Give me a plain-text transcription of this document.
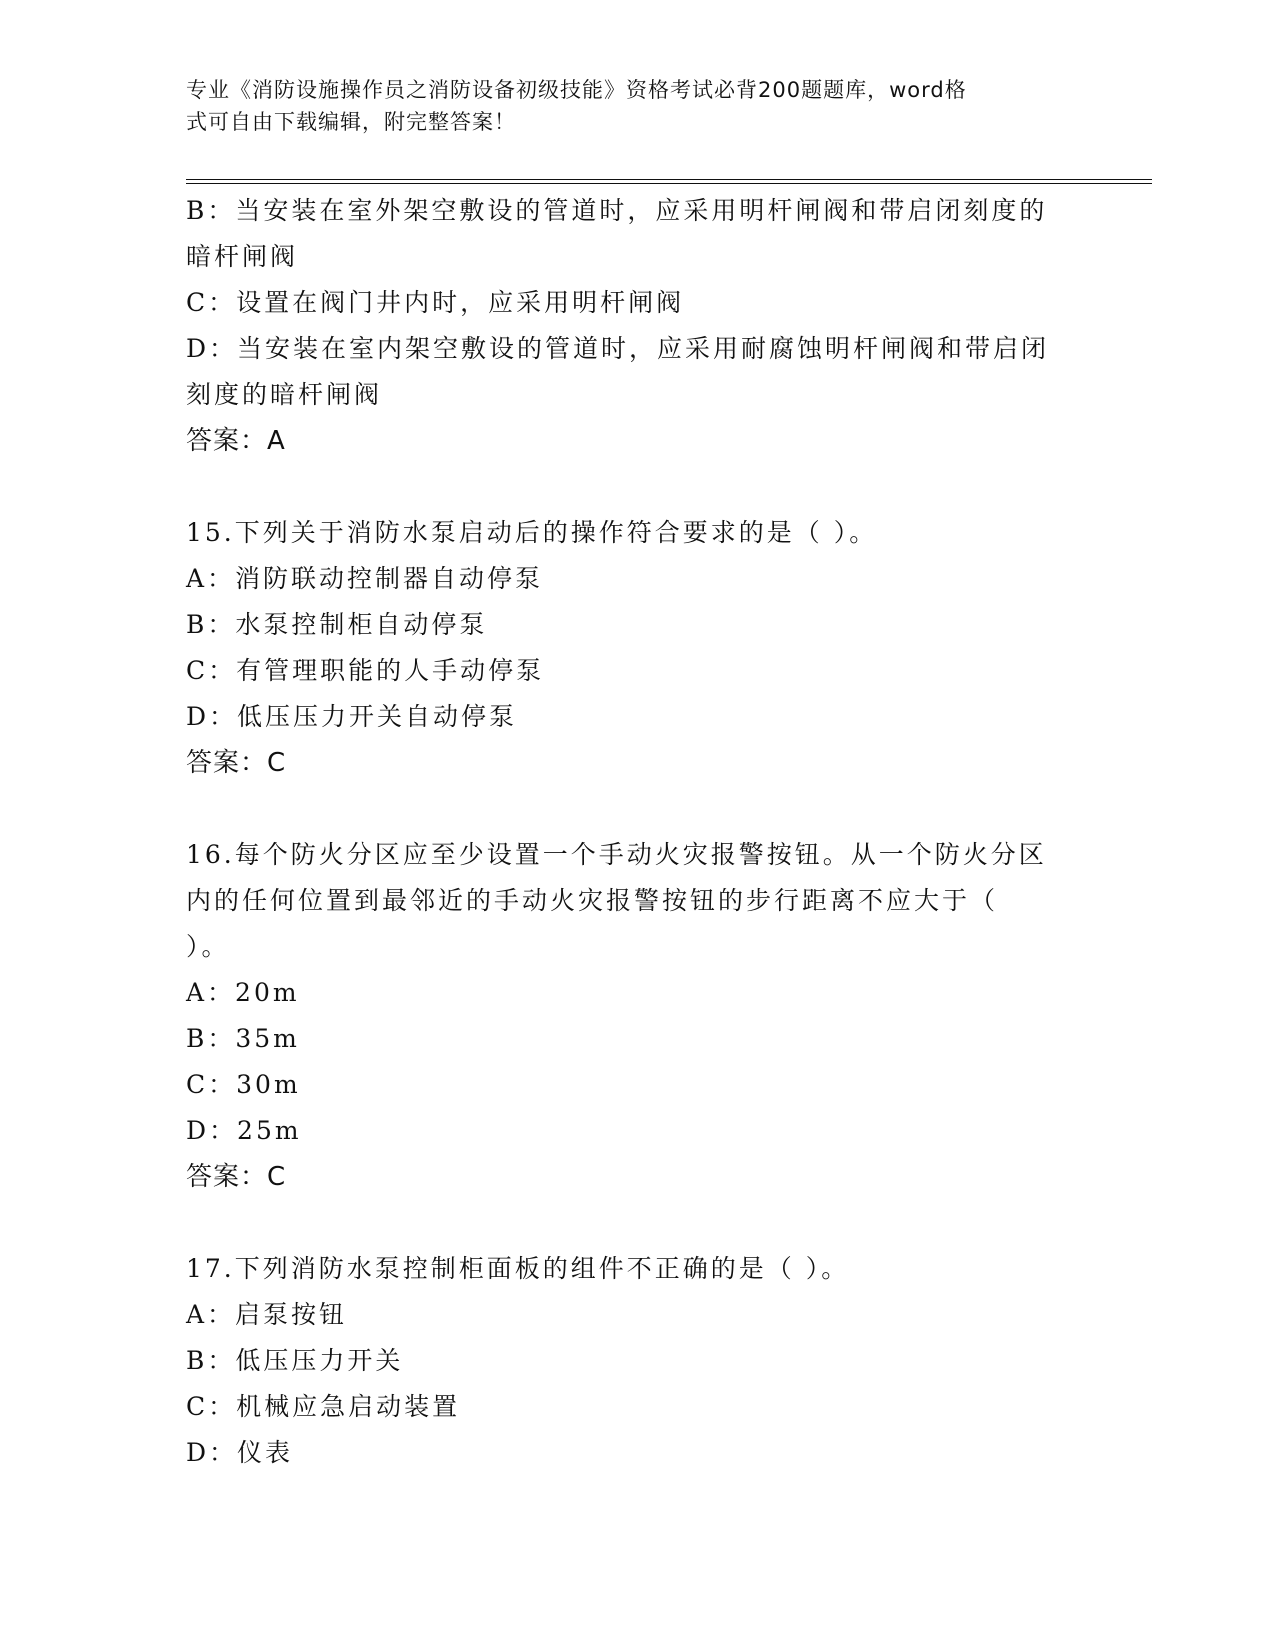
专业《消防设施操作员之消防设备初级技能》资格考试必背200题题库，word格
式可自由下载编辑，附完整答案！
B：当安装在室外架空敷设的管道时，应采用明杆闸阀和带启闭刻度的
暗杆闸阀
C：设置在阀门井内时，应采用明杆闸阀
D：当安装在室内架空敷设的管道时，应采用耐腐蚀明杆闸阀和带启闭
刻度的暗杆闸阀
答案：A
15.下列关于消防水泵启动后的操作符合要求的是（ ）。
A：消防联动控制器自动停泵
B：水泵控制柜自动停泵
C：有管理职能的人手动停泵
D：低压压力开关自动停泵
答案：C
16.每个防火分区应至少设置一个手动火灾报警按钮。从一个防火分区
内的任何位置到最邻近的手动火灾报警按钮的步行距离不应大于（
）。
A：20m
B：35m
C：30m
D：25m
答案：C
17.下列消防水泵控制柜面板的组件不正确的是（ ）。
A：启泵按钮
B：低压压力开关
C：机械应急启动装置
D：仪表
